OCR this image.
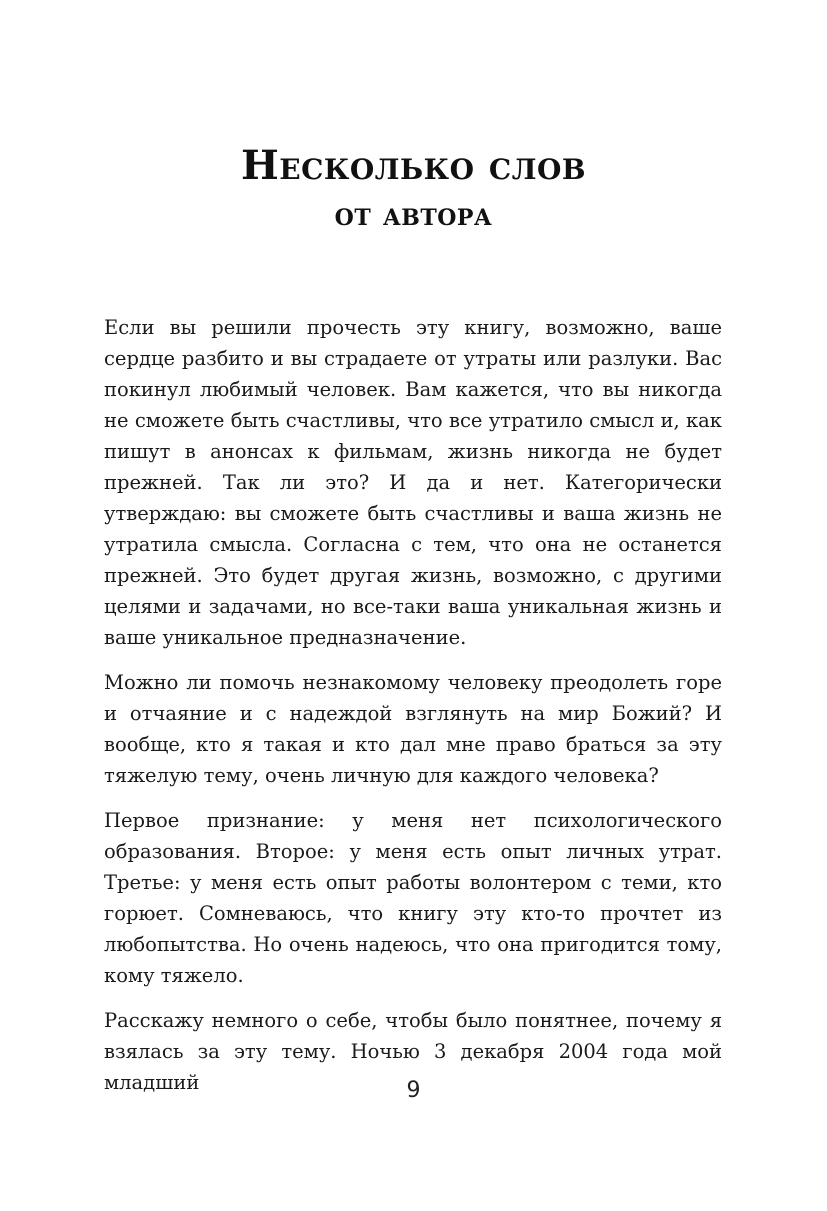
Несколько слов
от автора

Если вы решили прочесть эту книгу, возможно, ваше сердце разбито и вы страдаете от утраты или разлуки. Вас покинул любимый человек. Вам кажется, что вы никогда не сможете быть счастливы, что все утратило смысл и, как пишут в анонсах к фильмам, жизнь никогда не будет прежней. Так ли это? И да и нет. Категорически утверждаю: вы сможете быть счастливы и ваша жизнь не утратила смысла. Согласна с тем, что она не останется прежней. Это будет другая жизнь, возможно, с другими целями и задачами, но все-таки ваша уникальная жизнь и ваше уникальное предназначение.

Можно ли помочь незнакомому человеку преодолеть горе и отчаяние и с надеждой взглянуть на мир Божий? И вообще, кто я такая и кто дал мне право браться за эту тяжелую тему, очень личную для каждого человека?

Первое признание: у меня нет психологического образования. Второе: у меня есть опыт личных утрат. Третье: у меня есть опыт работы волонтером с теми, кто горюет. Сомневаюсь, что книгу эту кто-то прочтет из любопытства. Но очень надеюсь, что она пригодится тому, кому тяжело.

Расскажу немного о себе, чтобы было понятнее, почему я взялась за эту тему. Ночью 3 декабря 2004 года мой младший	9
